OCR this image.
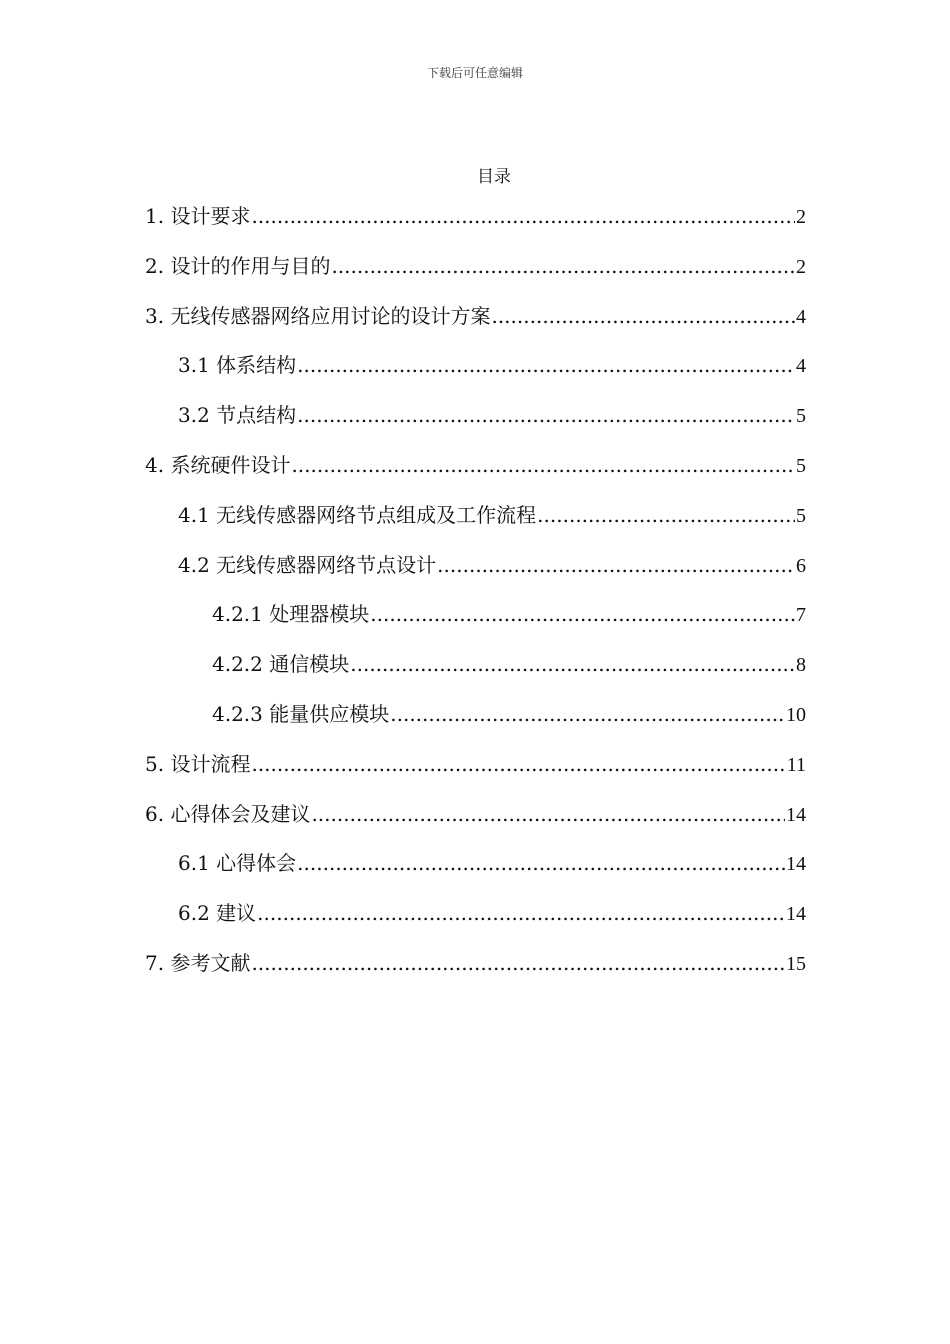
下载后可任意编辑
目录
1. 设计要求 .....	2
2. 设计的作用与目的 .....	2
3. 无线传感器网络应用讨论的设计方案 .....	4
3.1 体系结构 .....	4
3.2 节点结构 .....	5
4. 系统硬件设计 .....	5
4.1 无线传感器网络节点组成及工作流程 .....	5
4.2 无线传感器网络节点设计 .....	6
4.2.1 处理器模块 .....	7
4.2.2 通信模块 .....	8
4.2.3 能量供应模块 .....	10
5. 设计流程 .....	11
6. 心得体会及建议 .....	14
6.1 心得体会 .....	14
6.2 建议 .....	14
7. 参考文献 .....	15
